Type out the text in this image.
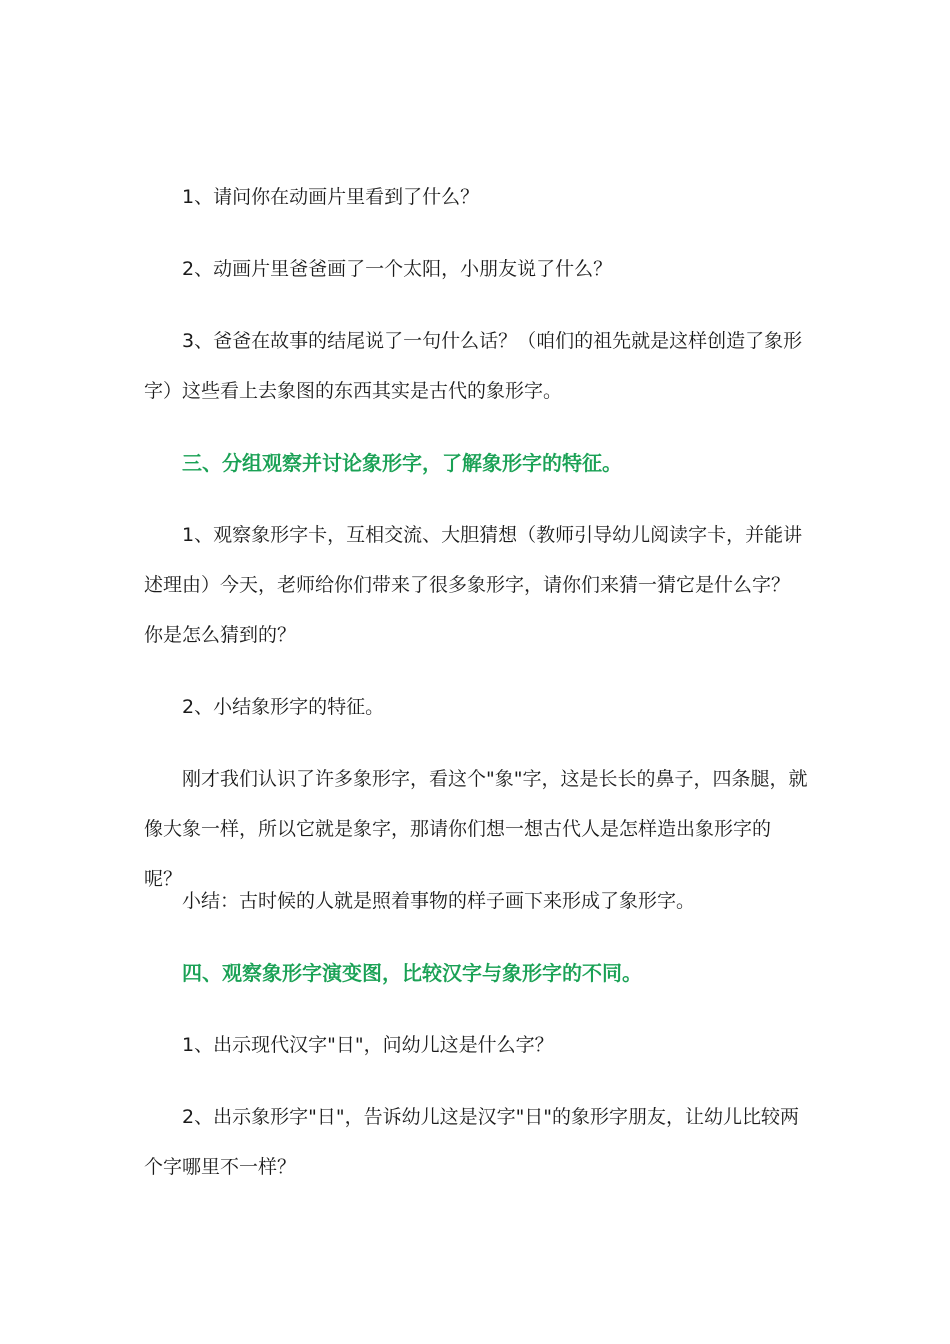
1、请问你在动画片里看到了什么？

2、动画片里爸爸画了一个太阳，小朋友说了什么？

3、爸爸在故事的结尾说了一句什么话？（咱们的祖先就是这样创造了象形字）这些看上去象图的东西其实是古代的象形字。

三、分组观察并讨论象形字，了解象形字的特征。

1、观察象形字卡，互相交流、大胆猜想（教师引导幼儿阅读字卡，并能讲述理由）今天，老师给你们带来了很多象形字，请你们来猜一猜它是什么字？你是怎么猜到的？

2、小结象形字的特征。

刚才我们认识了许多象形字，看这个"象"字，这是长长的鼻子，四条腿，就像大象一样，所以它就是象字，那请你们想一想古代人是怎样造出象形字的呢？

小结：古时候的人就是照着事物的样子画下来形成了象形字。

四、观察象形字演变图，比较汉字与象形字的不同。

1、出示现代汉字"日"，问幼儿这是什么字？

2、出示象形字"日"，告诉幼儿这是汉字"日"的象形字朋友，让幼儿比较两个字哪里不一样？
